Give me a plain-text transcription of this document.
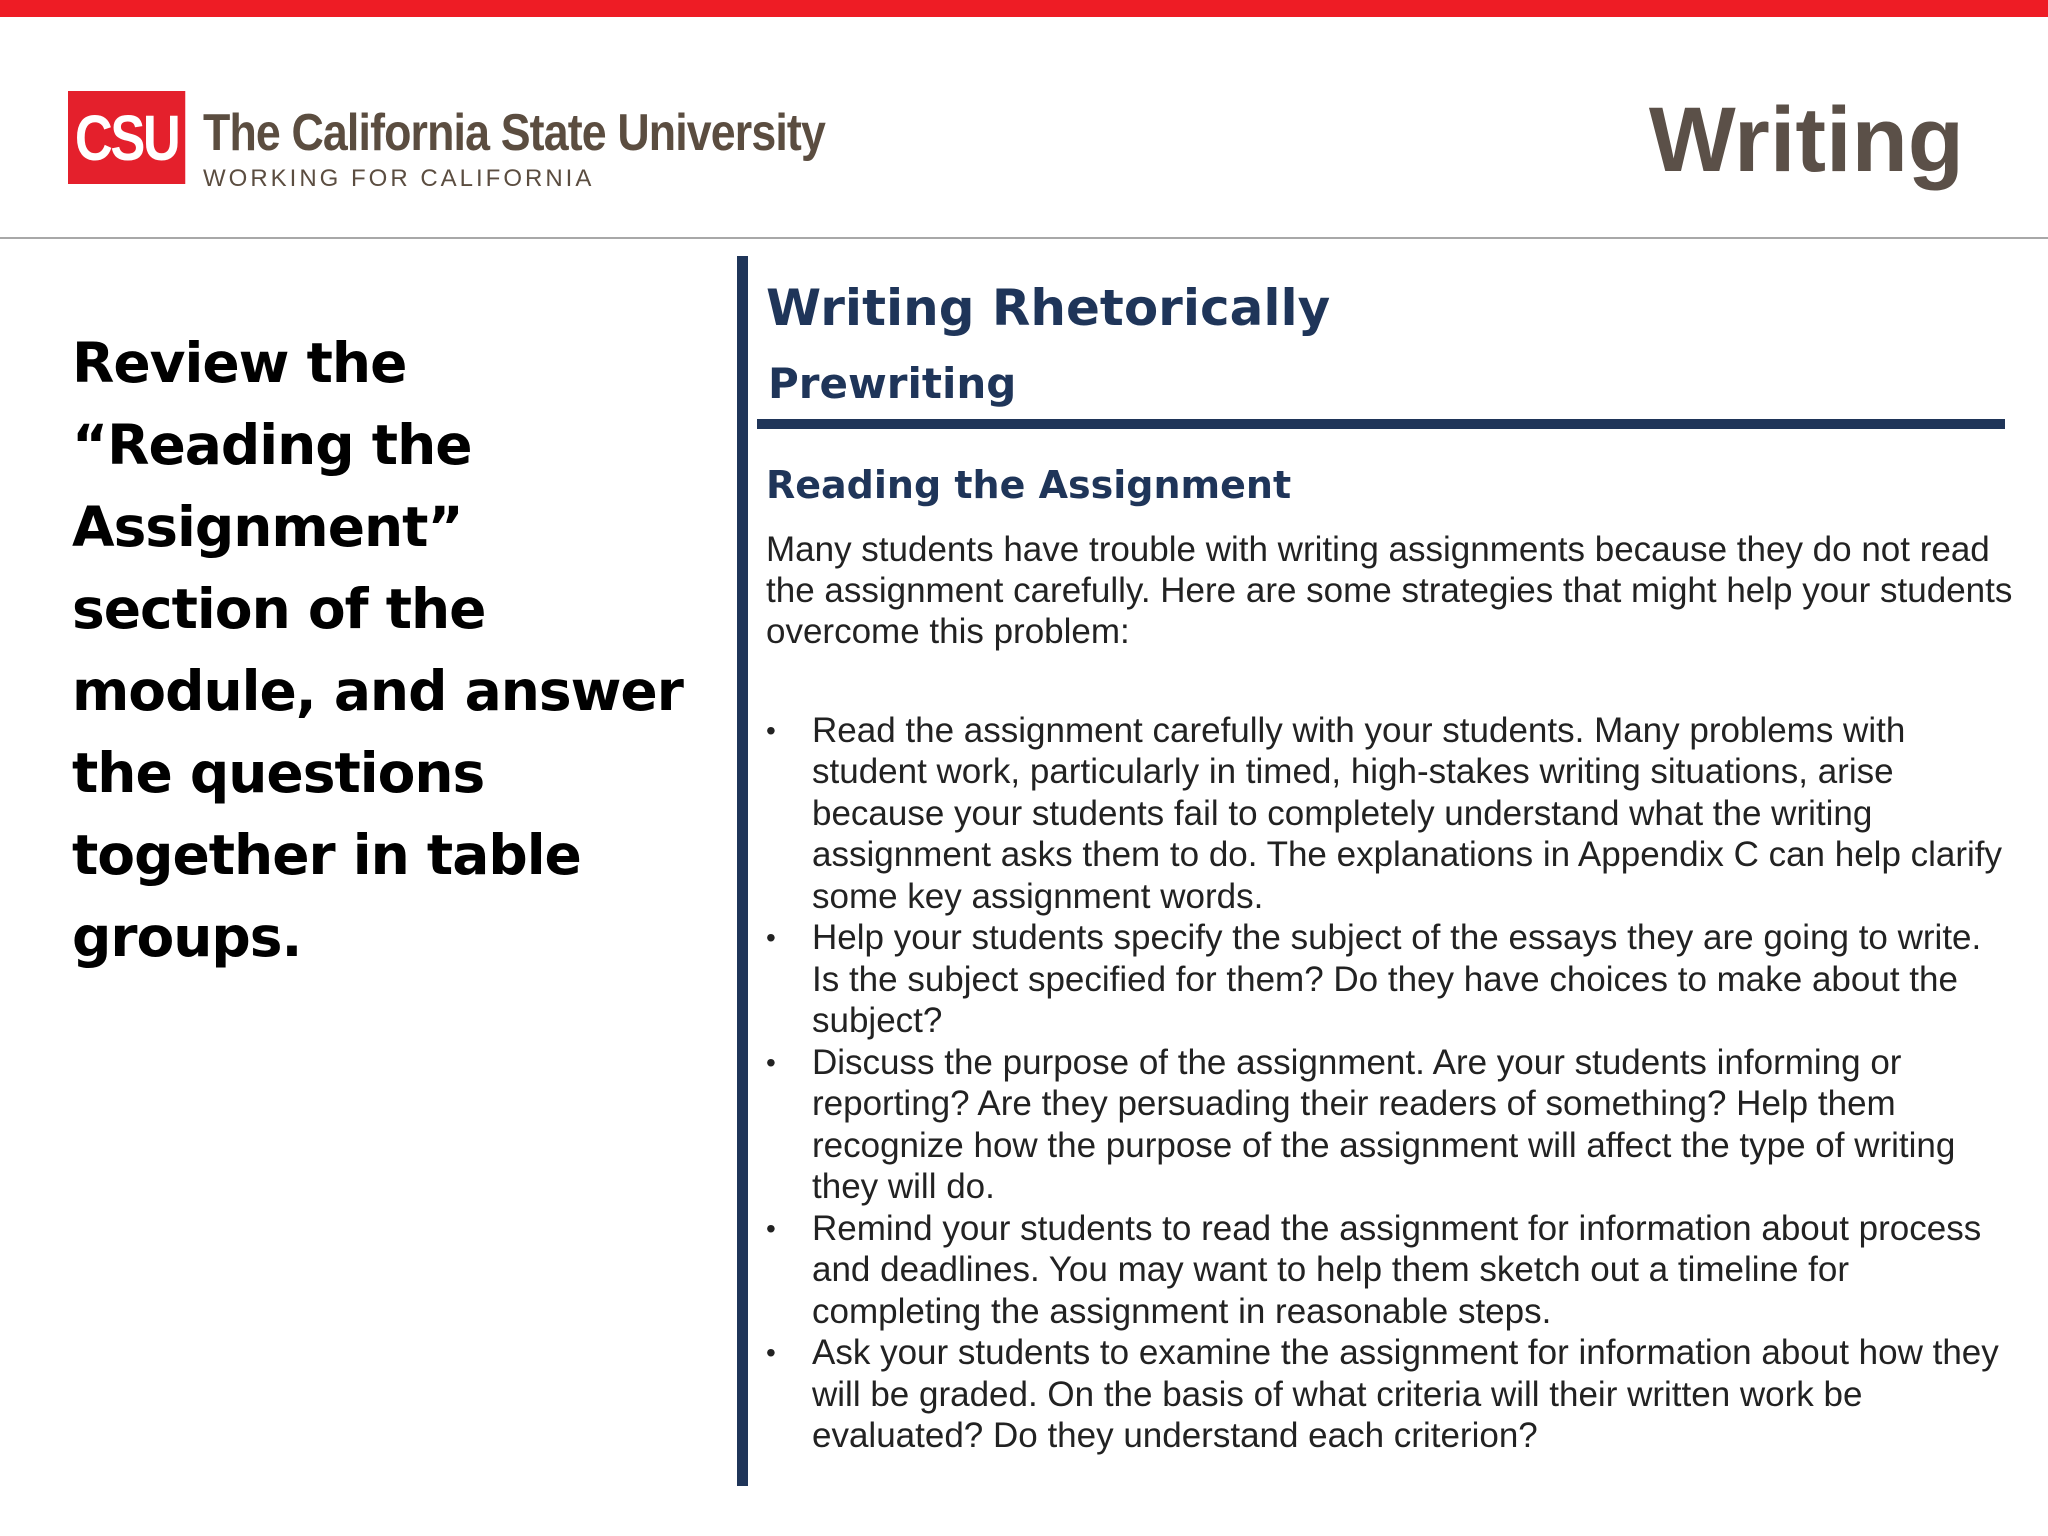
CSU The California State University
WORKING FOR CALIFORNIA	Writing
Review the “Reading the Assignment” section of the module, and answer the questions together in table groups.
Writing Rhetorically
Prewriting
Reading the Assignment

Many students have trouble with writing assignments because they do not read the assignment carefully. Here are some strategies that might help your students overcome this problem:

• Read the assignment carefully with your students. Many problems with student work, particularly in timed, high-stakes writing situations, arise because your students fail to completely understand what the writing assignment asks them to do. The explanations in Appendix C can help clarify some key assignment words.
• Help your students specify the subject of the essays they are going to write. Is the subject specified for them? Do they have choices to make about the subject?
• Discuss the purpose of the assignment. Are your students informing or reporting? Are they persuading their readers of something? Help them recognize how the purpose of the assignment will affect the type of writing they will do.
• Remind your students to read the assignment for information about process and deadlines. You may want to help them sketch out a timeline for completing the assignment in reasonable steps.
• Ask your students to examine the assignment for information about how they will be graded. On the basis of what criteria will their written work be evaluated? Do they understand each criterion?
